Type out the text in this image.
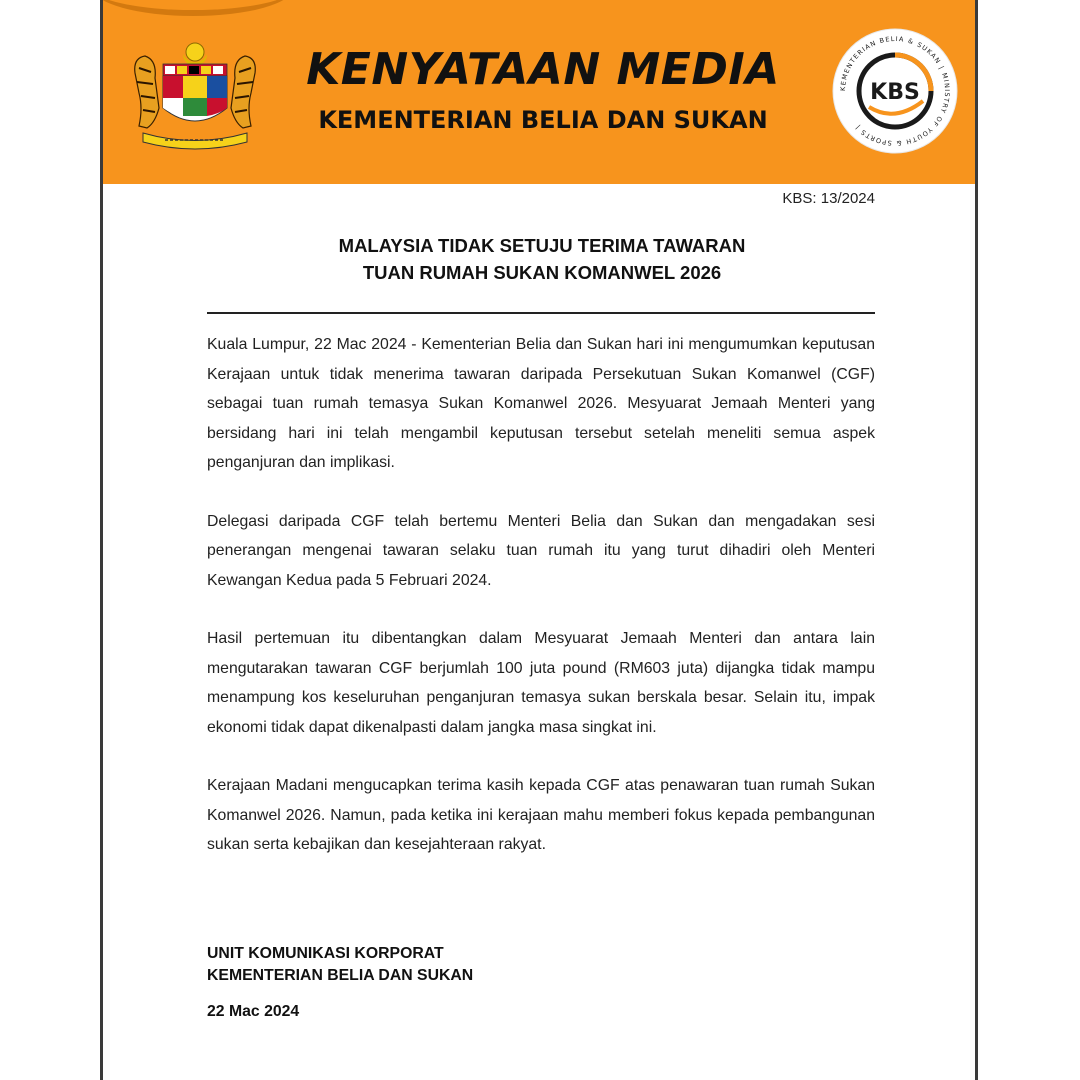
KENYATAAN MEDIA
KEMENTERIAN BELIA DAN SUKAN
KEMENTERIAN BELIA & SUKAN | MINISTRY OF YOUTH & SPORTS |
KBS
KBS: 13/2024
MALAYSIA TIDAK SETUJU TERIMA TAWARAN
TUAN RUMAH SUKAN KOMANWEL 2026

Kuala Lumpur, 22 Mac 2024 - Kementerian Belia dan Sukan hari ini mengumumkan keputusan Kerajaan untuk tidak menerima tawaran daripada Persekutuan Sukan Komanwel (CGF) sebagai tuan rumah temasya Sukan Komanwel 2026. Mesyuarat Jemaah Menteri yang bersidang hari ini telah mengambil keputusan tersebut setelah meneliti semua aspek penganjuran dan implikasi.

Delegasi daripada CGF telah bertemu Menteri Belia dan Sukan dan mengadakan sesi penerangan mengenai tawaran selaku tuan rumah itu yang turut dihadiri oleh Menteri Kewangan Kedua pada 5 Februari 2024.

Hasil pertemuan itu dibentangkan dalam Mesyuarat Jemaah Menteri dan antara lain mengutarakan tawaran CGF berjumlah 100 juta pound (RM603 juta) dijangka tidak mampu menampung kos keseluruhan penganjuran temasya sukan berskala besar. Selain itu, impak ekonomi tidak dapat dikenalpasti dalam jangka masa singkat ini.

Kerajaan Madani mengucapkan terima kasih kepada CGF atas penawaran tuan rumah Sukan Komanwel 2026. Namun, pada ketika ini kerajaan mahu memberi fokus kepada pembangunan sukan serta kebajikan dan kesejahteraan rakyat.

UNIT KOMUNIKASI KORPORAT
KEMENTERIAN BELIA DAN SUKAN
22 Mac 2024
